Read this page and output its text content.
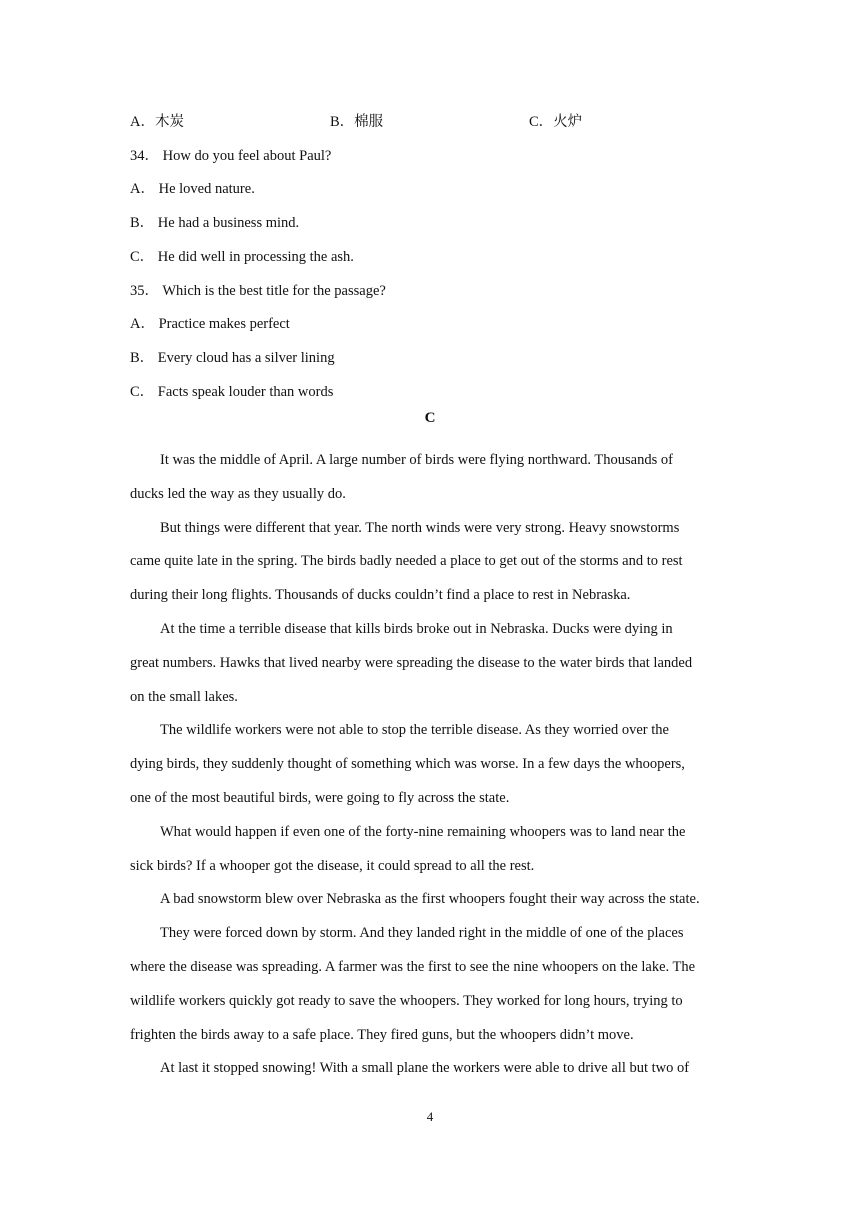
A．木炭	B．棉服	C．火炉
34． How do you feel about Paul?
A． He loved nature.
B． He had a business mind.
C． He did well in processing the ash.
35． Which is the best title for the passage?
A． Practice makes perfect
B． Every cloud has a silver lining
C． Facts speak louder than words
C
It was the middle of April. A large number of birds were flying northward. Thousands of
ducks led the way as they usually do.
But things were different that year. The north winds were very strong. Heavy snowstorms
came quite late in the spring. The birds badly needed a place to get out of the storms and to rest
during their long flights. Thousands of ducks couldn’t find a place to rest in Nebraska.
At the time a terrible disease that kills birds broke out in Nebraska. Ducks were dying in
great numbers. Hawks that lived nearby were spreading the disease to the water birds that landed
on the small lakes.
The wildlife workers were not able to stop the terrible disease. As they worried over the
dying birds, they suddenly thought of something which was worse. In a few days the whoopers,
one of the most beautiful birds, were going to fly across the state.
What would happen if even one of the forty-nine remaining whoopers was to land near the
sick birds? If a whooper got the disease, it could spread to all the rest.
A bad snowstorm blew over Nebraska as the first whoopers fought their way across the state.
They were forced down by storm. And they landed right in the middle of one of the places
where the disease was spreading. A farmer was the first to see the nine whoopers on the lake. The
wildlife workers quickly got ready to save the whoopers. They worked for long hours, trying to
frighten the birds away to a safe place. They fired guns, but the whoopers didn’t move.
At last it stopped snowing! With a small plane the workers were able to drive all but two of
4
